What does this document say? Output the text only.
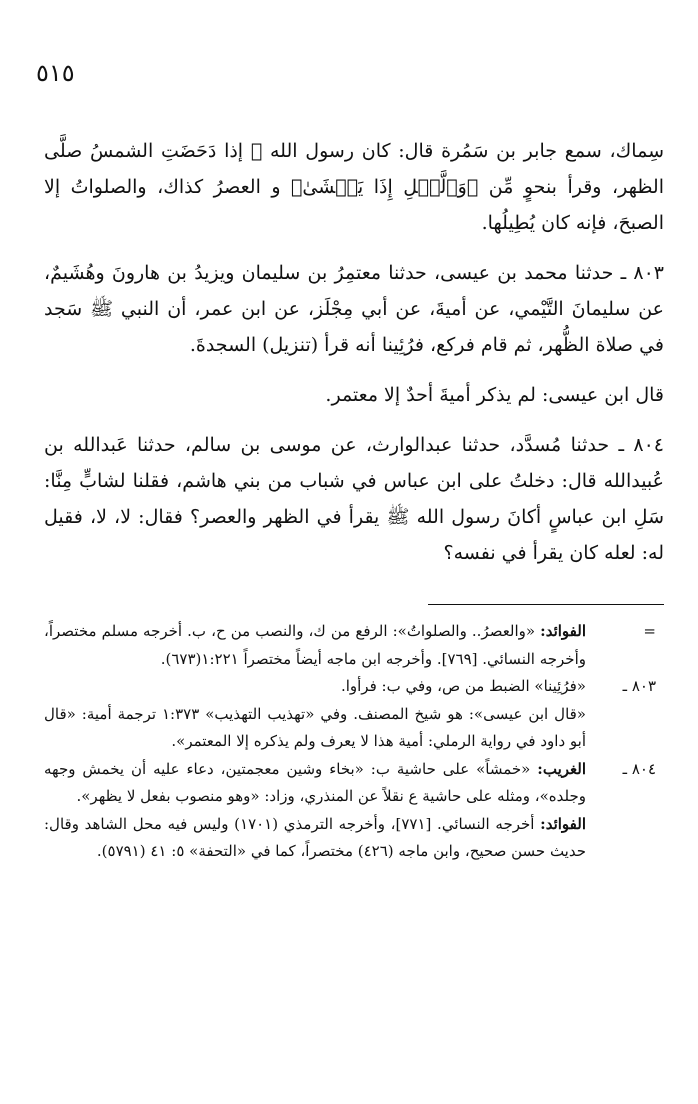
٥١٥

سِماك، سمع جابر بن سَمُرة قال: كان رسول الله ﷺ إذا دَحَضَتِ الشمسُ صلَّى الظهر، وقرأ بنحوٍ مِّن ﴿وَٱلَّيۡلِ إِذَا يَغۡشَىٰ﴾ و العصرُ كذاك، والصلواتُ إلا الصبحَ، فإنه كان يُطِيلُها.

٨٠٣ ـ حدثنا محمد بن عيسى، حدثنا معتمِرُ بن سليمان ويزيدُ بن هارونَ وهُشَيمٌ، عن سليمانَ التَّيْمي، عن أميةَ، عن أبي مِجْلَز، عن ابن عمر، أن النبي ﷺ سَجد في صلاة الظُّهر، ثم قام فركع، فرُئِينا أنه قرأ (تنزيل) السجدةَ.

قال ابن عيسى: لم يذكر أميةَ أحدٌ إلا معتمر.

٨٠٤ ـ حدثنا مُسدَّد، حدثنا عبدالوارث، عن موسى بن سالم، حدثنا عَبدالله بن عُبيدالله قال: دخلتُ على ابن عباس في شباب من بني هاشم، فقلنا لشابٍّ مِنَّا: سَلِ ابن عباسٍ أكانَ رسول الله ﷺ يقرأ في الظهر والعصر؟ فقال: لا، لا، فقيل له: لعله كان يقرأ في نفسه؟

=

الفوائد: «والعصرُ.. والصلواتُ»: الرفع من ك، والنصب من ح، ب. أخرجه مسلم مختصراً، وأخرجه النسائي. [٧٦٩]. وأخرجه ابن ماجه أيضاً مختصراً ١:٢٢١(٦٧٣).

٨٠٣ ـ

«فرُئِينا» الضبط من ص، وفي ب: فرأوا.

«قال ابن عيسى»: هو شيخ المصنف. وفي «تهذيب التهذيب» ١:٣٧٣ ترجمة أمية: «قال أبو داود في رواية الرملي: أمية هذا لا يعرف ولم يذكره إلا المعتمر».

٨٠٤ ـ

الغريب: «خمشاً» على حاشية ب: «بخاء وشين معجمتين، دعاء عليه أن يخمش وجهه وجلده»، ومثله على حاشية ع نقلاً عن المنذري، وزاد: «وهو منصوب بفعل لا يظهر».

الفوائد: أخرجه النسائي. [٧٧١]، وأخرجه الترمذي (١٧٠١) وليس فيه محل الشاهد وقال: حديث حسن صحيح، وابن ماجه (٤٢٦) مختصراً، كما في «التحفة» ٥: ٤١ (٥٧٩١).
